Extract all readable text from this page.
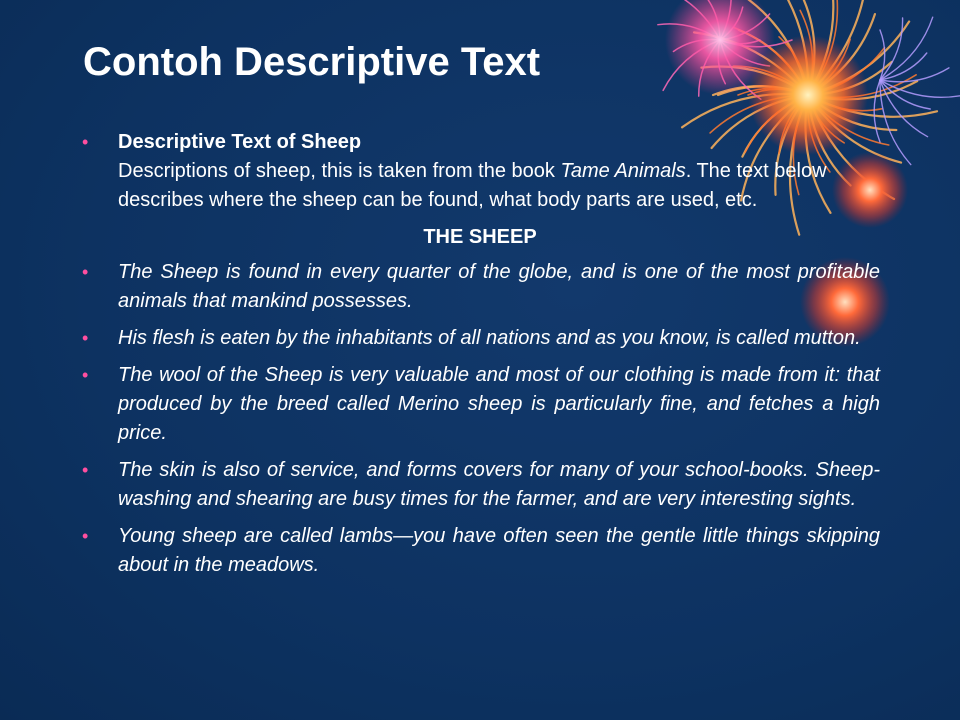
Contoh Descriptive Text
• Descriptive Text of Sheep
Descriptions of sheep, this is taken from the book Tame Animals. The text below describes where the sheep can be found, what body parts are used, etc.
THE SHEEP
• The Sheep is found in every quarter of the globe, and is one of the most profitable animals that mankind possesses.
• His flesh is eaten by the inhabitants of all nations and as you know, is called mutton.
• The wool of the Sheep is very valuable and most of our clothing is made from it: that produced by the breed called Merino sheep is particularly fine, and fetches a high price.
• The skin is also of service, and forms covers for many of your school-books. Sheep-washing and shearing are busy times for the farmer, and are very interesting sights.
• Young sheep are called lambs—you have often seen the gentle little things skipping about in the meadows.
